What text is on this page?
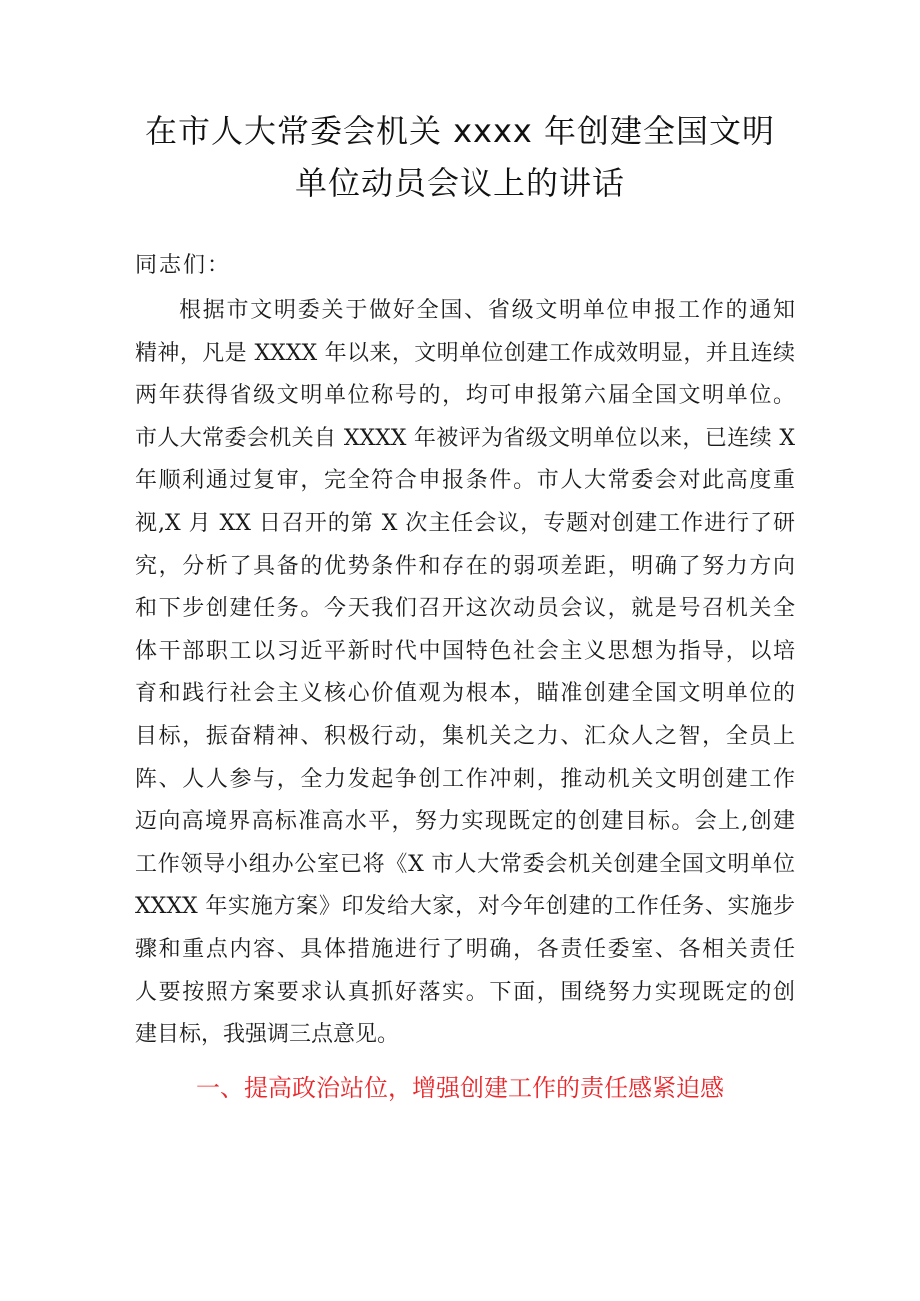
在市人大常委会机关 xxxx 年创建全国文明
单位动员会议上的讲话
同志们：
根据市文明委关于做好全国、省级文明单位申报工作的通知
精神，凡是 XXXX 年以来，文明单位创建工作成效明显，并且连续
两年获得省级文明单位称号的，均可申报第六届全国文明单位。
市人大常委会机关自 XXXX 年被评为省级文明单位以来，已连续 X
年顺利通过复审，完全符合申报条件。市人大常委会对此高度重
视,X 月 XX 日召开的第 X 次主任会议，专题对创建工作进行了研
究，分析了具备的优势条件和存在的弱项差距，明确了努力方向
和下步创建任务。今天我们召开这次动员会议，就是号召机关全
体干部职工以习近平新时代中国特色社会主义思想为指导，以培
育和践行社会主义核心价值观为根本，瞄准创建全国文明单位的
目标，振奋精神、积极行动，集机关之力、汇众人之智，全员上
阵、人人参与，全力发起争创工作冲刺，推动机关文明创建工作
迈向高境界高标准高水平，努力实现既定的创建目标。会上,创建
工作领导小组办公室已将《X 市人大常委会机关创建全国文明单位
XXXX 年实施方案》印发给大家，对今年创建的工作任务、实施步
骤和重点内容、具体措施进行了明确，各责任委室、各相关责任
人要按照方案要求认真抓好落实。下面，围绕努力实现既定的创
建目标，我强调三点意见。
一、提高政治站位，增强创建工作的责任感紧迫感
